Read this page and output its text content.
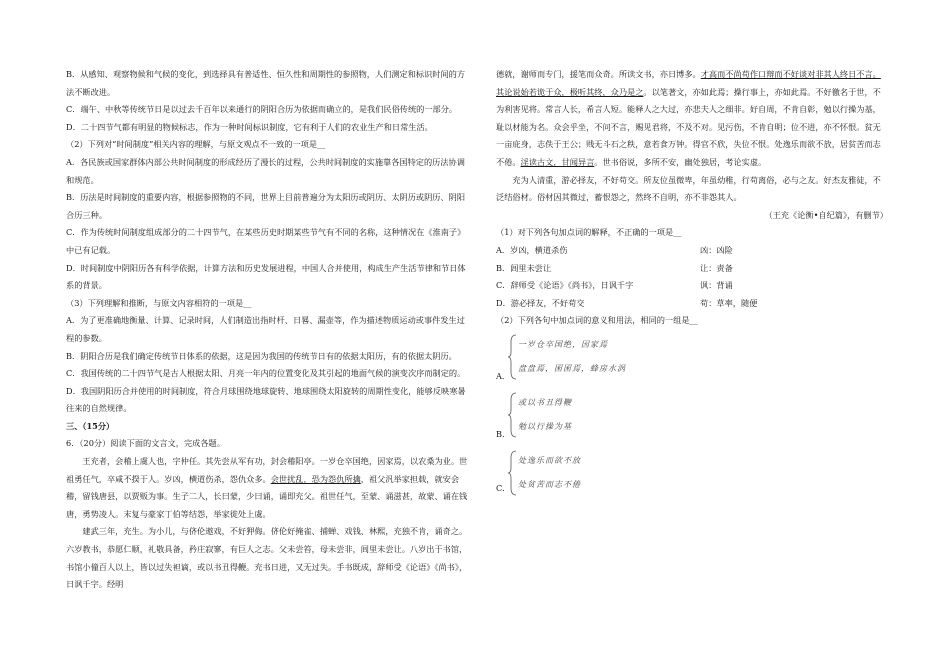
B．从感知、观察物候和气候的变化，到选择具有普适性、恒久性和周期性的参照物，人们测定和标识时间的方法不断改进。

C．端午、中秋等传统节日是以过去千百年以来通行的阴阳合历为依据而确立的，是我们民俗传统的一部分。

D．二十四节气都有明显的物候标志，作为一种时间标识制度，它有利于人们的农业生产和日常生活。

（2）下列对“时间制度”相关内容的理解，与原文观点不一致的一项是__

A．各民族或国家群体内部公共时间制度的形成经历了漫长的过程，公共时间制度的实施靠各国特定的历法协调和规范。

B．历法是时间制度的重要内容，根据参照物的不同，世界上目前普遍分为太阳历或阴历、太阴历或阴历、阴阳合历三种。

C．作为传统时间制度组成部分的二十四节气，在某些历史时期某些节气有不同的名称，这种情况在《淮南子》中已有记载。

D．时间制度中阴阳历各有科学依据，计算方法和历史发展进程，中国人合并使用，构成生产生活节律和节日体系的背景。

（3）下列理解和推断，与原文内容相符的一项是__

A．为了更准确地衡量、计算、记录时间，人们制造出指时杆、日晷、漏壶等，作为描述物质运动或事件发生过程的参数。

B．阴阳合历是我们确定传统节日体系的依据，这是因为我国的传统节日有的依据太阳历，有的依据太阴历。

C．我国传统的二十四节气是古人根据太阳、月亮一年内的位置变化及其引起的地面气候的演变次序而制定的。

D．我国阴阳历合并使用的时间制度，符合月球围绕地球旋转、地球围绕太阳旋转的周期性变化，能够反映寒暑往来的自然规律。

三、（15分）

6．（20分）阅读下面的文言文，完成各题。

王充者，会稽上虞人也，字仲任。其先尝从军有功，封会稽阳亭。一岁仓卒国绝，因家焉，以农桑为业。世祖勇任气，卒咸不揆于人。岁凶，横道伤杀，怨仇众多。会世扰乱，恐为怨仇所擒，祖父汎举家担载，就安会稽，留钱唐县，以贾贩为事。生子二人，长曰蒙，少曰诵，诵即充父。祖世任气，至蒙、诵滋甚，故蒙、诵在钱唐，勇势凌人。末复与豪家丁伯等结怨，举家徙处上虞。

建武三年，充生。为小儿，与侪伦遨戏，不好狎侮。侪伦好掩雀、捕蝉、戏钱、林熙，充独不肯，诵奇之。六岁教书，恭愿仁顺，礼敬具备，矜庄寂寥，有巨人之志。父未尝笞，母未尝非，闾里未尝让。八岁出于书馆，书馆小僮百人以上，皆以过失袒谪，或以书丑得鞭。充书日进，又无过失。手书既成，辞师受《论语》《尚书》，日讽千字。经明

德就，谢师而专门，援笔而众奇。所读文书，亦日博多。才高而不尚苟作口辩而不好谈对非其人终日不言。其论说始若诡于众，极听其终，众乃是之。以笔著文，亦如此焉；操行事上，亦如此焉。不好徼名于世，不为利害见将。常言人长，希言人短。能释人之大过，亦悲夫人之细非。好自周，不肯自彰，勉以行操为基，耻以材能为名。众会乎坐，不问不言，赐见君将，不及不对。见污伤，不肯自明；位不进，亦不怀恨。贫无一亩庇身，志佚于王公；贱无斗石之秩，意若食万钟。得官不欣，失位不恨。处逸乐而欲不放，居贫苦而志不倦。淫读古文，甘闻异言。世书俗说，多所不安，幽处独居，考论实虚。

充为人清重，游必择友，不好苟交。所友位虽微卑，年虽幼稚，行苟离俗，必与之友。好杰友雅徒，不泛结俗材。俗材因其微过，蓄恨怨之，然终不自明，亦不非怨其人。

（王充《论衡•自纪篇》，有删节）

（1）对下列各句加点词的解释，不正确的一项是__

A．岁凶，横道杀伤	凶：凶险
B．闾里未尝让	让：责备
C．辞师受《论语》《尚书》，日讽千字	讽：背诵
D．游必择友，不好苟交	苟：草率，随便

（2）下列各句中加点词的意义和用法，相同的一组是__

一岁仓卒国绝，因家焉
盘盘焉，囷囷焉，蜂房水涡
A．
或以书丑得鞭
勉以行操为基
B．
处逸乐而欲不放
处贫苦而志不倦
C．
